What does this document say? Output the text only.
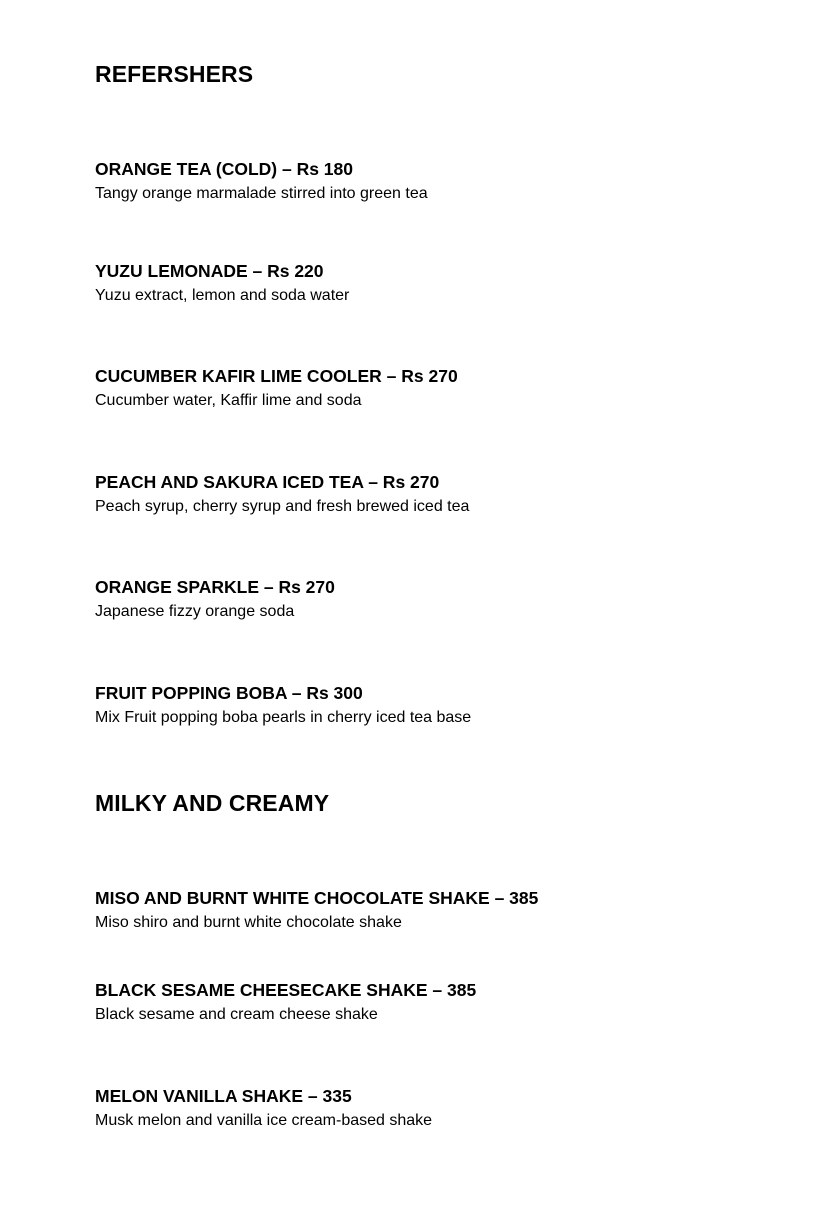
REFERSHERS

ORANGE TEA (COLD) – Rs 180

Tangy orange marmalade stirred into green tea

YUZU LEMONADE – Rs 220

Yuzu extract, lemon and soda water

CUCUMBER KAFIR LIME COOLER – Rs 270

Cucumber water, Kaffir lime and soda

PEACH AND SAKURA ICED TEA – Rs 270

Peach syrup, cherry syrup and fresh brewed iced tea

ORANGE SPARKLE – Rs 270

Japanese fizzy orange soda

FRUIT POPPING BOBA – Rs 300

Mix Fruit popping boba pearls in cherry iced tea base

MILKY AND CREAMY

MISO AND BURNT WHITE CHOCOLATE SHAKE – 385

Miso shiro and burnt white chocolate shake

BLACK SESAME CHEESECAKE SHAKE – 385

Black sesame and cream cheese shake

MELON VANILLA SHAKE – 335

Musk melon and vanilla ice cream-based shake
